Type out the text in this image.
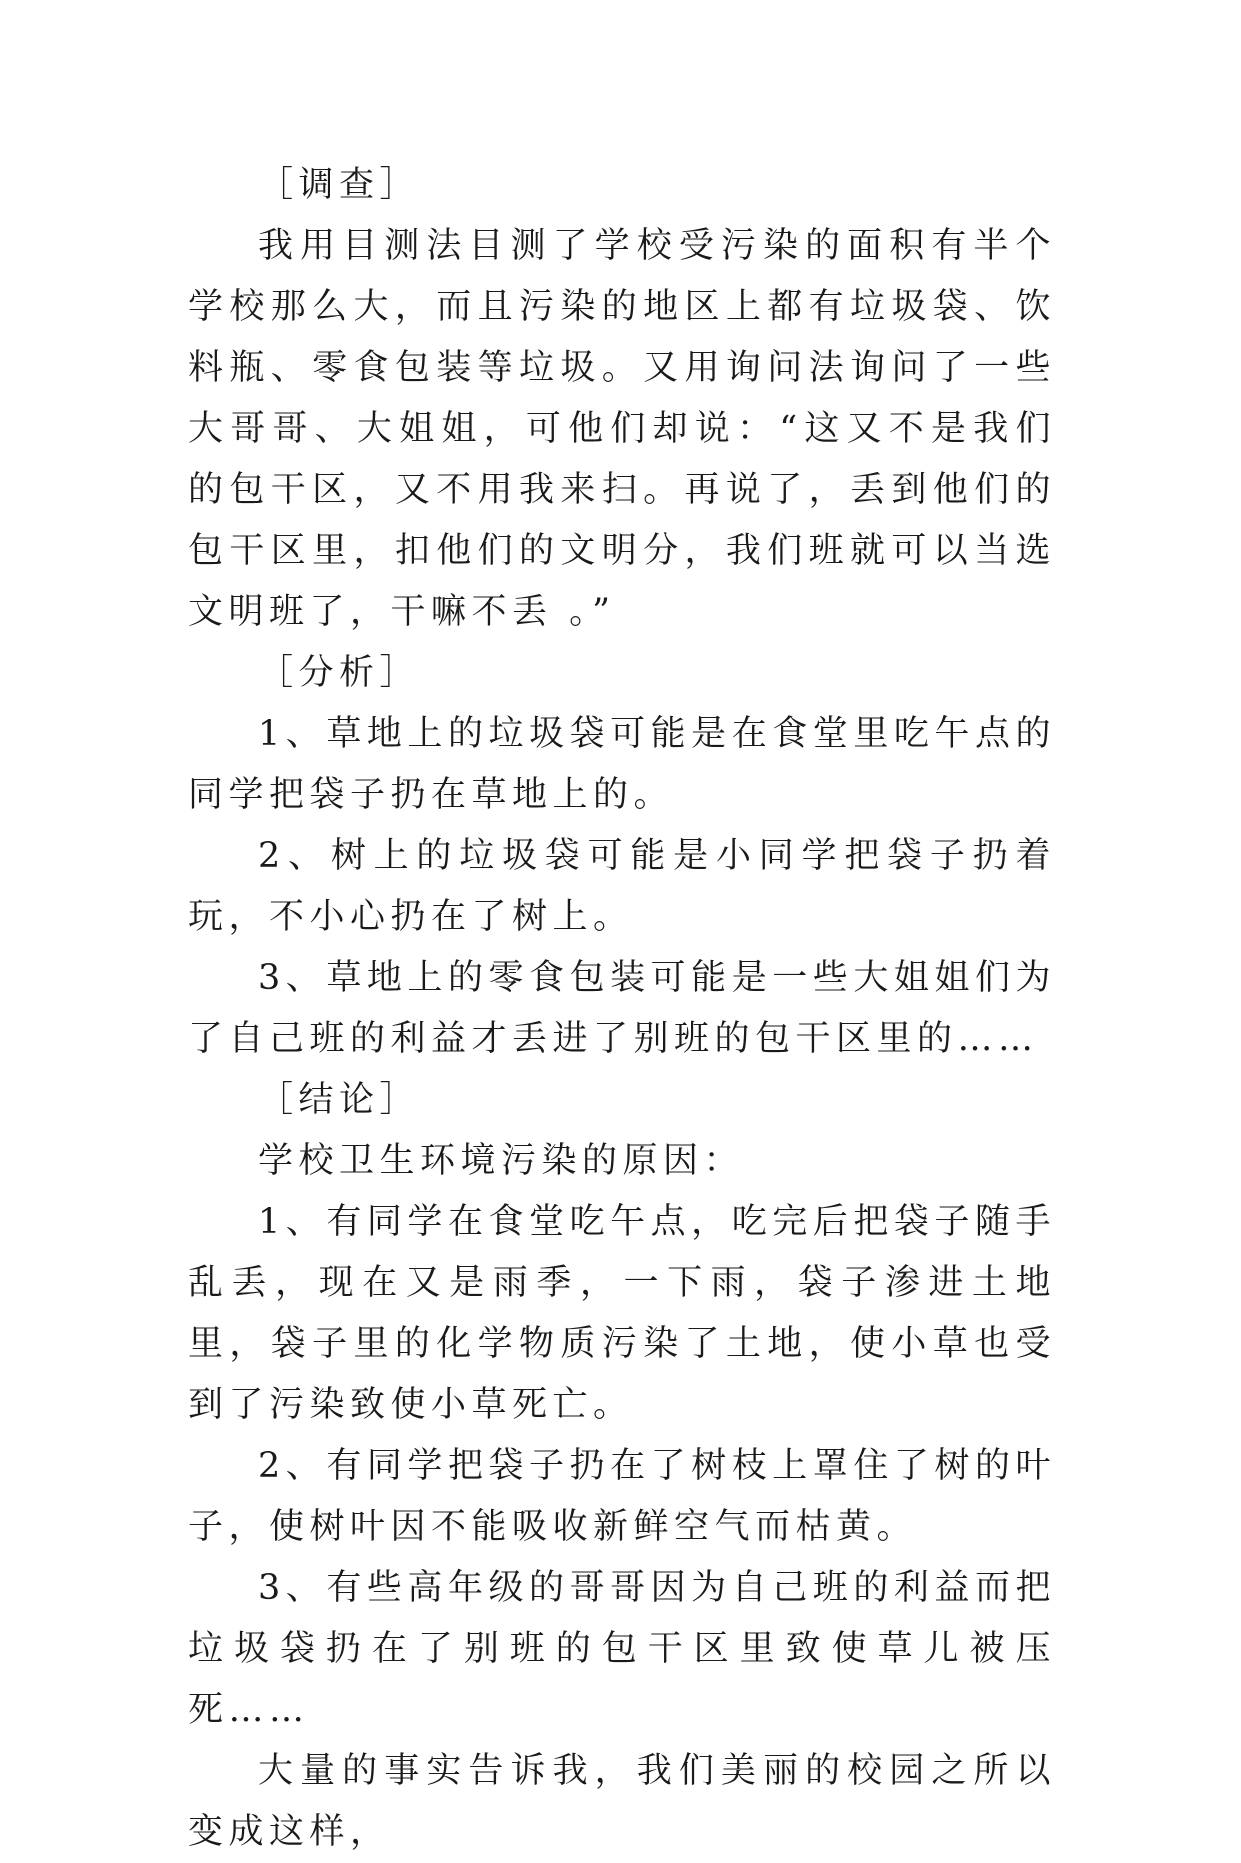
［调查］

我用目测法目测了学校受污染的面积有半个学校那么大，而且污染的地区上都有垃圾袋、饮料瓶、零食包装等垃圾。又用询问法询问了一些大哥哥、大姐姐，可他们却说：“这又不是我们的包干区，又不用我来扫。再说了，丢到他们的包干区里，扣他们的文明分，我们班就可以当选文明班了，干嘛不丢 。”

［分析］

1、草地上的垃圾袋可能是在食堂里吃午点的同学把袋子扔在草地上的。

2、树上的垃圾袋可能是小同学把袋子扔着玩，不小心扔在了树上。

3、草地上的零食包装可能是一些大姐姐们为了自己班的利益才丢进了别班的包干区里的……

［结论］

学校卫生环境污染的原因：

1、有同学在食堂吃午点，吃完后把袋子随手乱丢，现在又是雨季，一下雨，袋子渗进土地里，袋子里的化学物质污染了土地，使小草也受到了污染致使小草死亡。

2、有同学把袋子扔在了树枝上罩住了树的叶子，使树叶因不能吸收新鲜空气而枯黄。

3、有些高年级的哥哥因为自己班的利益而把垃圾袋扔在了别班的包干区里致使草儿被压死……

大量的事实告诉我，我们美丽的校园之所以变成这样，
